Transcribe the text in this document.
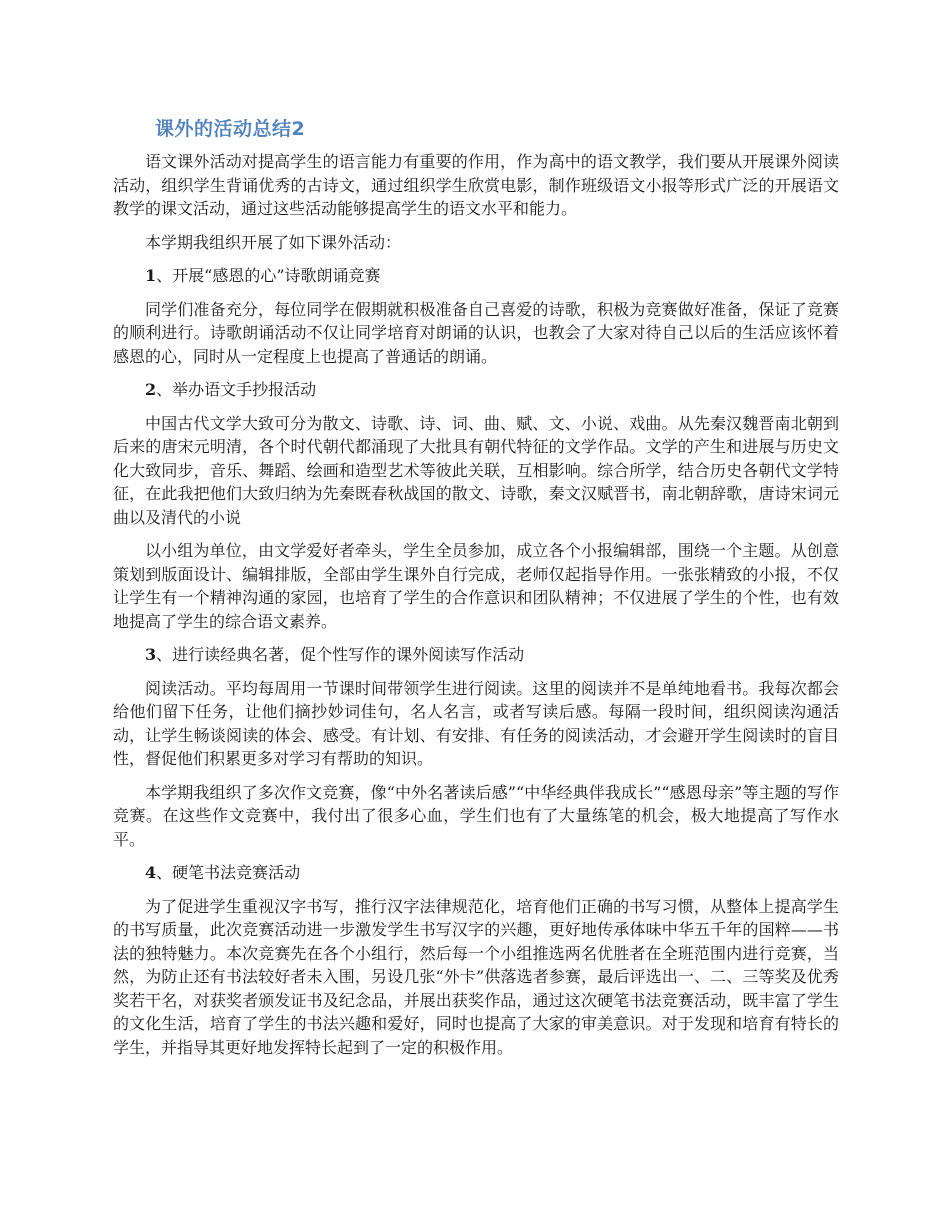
课外的活动总结2

语文课外活动对提高学生的语言能力有重要的作用，作为高中的语文教学，我们要从开展课外阅读活动，组织学生背诵优秀的古诗文，通过组织学生欣赏电影，制作班级语文小报等形式广泛的开展语文教学的课文活动，通过这些活动能够提高学生的语文水平和能力。

本学期我组织开展了如下课外活动：

1、开展“感恩的心”诗歌朗诵竞赛

同学们准备充分，每位同学在假期就积极准备自己喜爱的诗歌，积极为竞赛做好准备，保证了竞赛的顺利进行。诗歌朗诵活动不仅让同学培育对朗诵的认识，也教会了大家对待自己以后的生活应该怀着感恩的心，同时从一定程度上也提高了普通话的朗诵。

2、举办语文手抄报活动

中国古代文学大致可分为散文、诗歌、诗、词、曲、赋、文、小说、戏曲。从先秦汉魏晋南北朝到后来的唐宋元明清，各个时代朝代都涌现了大批具有朝代特征的文学作品。文学的产生和进展与历史文化大致同步，音乐、舞蹈、绘画和造型艺术等彼此关联，互相影响。综合所学，结合历史各朝代文学特征，在此我把他们大致归纳为先秦既春秋战国的散文、诗歌，秦文汉赋晋书，南北朝辞歌，唐诗宋词元曲以及清代的小说

以小组为单位，由文学爱好者牵头，学生全员参加，成立各个小报编辑部，围绕一个主题。从创意策划到版面设计、编辑排版，全部由学生课外自行完成，老师仅起指导作用。一张张精致的小报，不仅让学生有一个精神沟通的家园，也培育了学生的合作意识和团队精神；不仅进展了学生的个性，也有效地提高了学生的综合语文素养。

3、进行读经典名著，促个性写作的课外阅读写作活动

阅读活动。平均每周用一节课时间带领学生进行阅读。这里的阅读并不是单纯地看书。我每次都会给他们留下任务，让他们摘抄妙词佳句，名人名言，或者写读后感。每隔一段时间，组织阅读沟通活动，让学生畅谈阅读的体会、感受。有计划、有安排、有任务的阅读活动，才会避开学生阅读时的盲目性，督促他们积累更多对学习有帮助的知识。

本学期我组织了多次作文竞赛，像“中外名著读后感”“中华经典伴我成长”“感恩母亲”等主题的写作竞赛。在这些作文竞赛中，我付出了很多心血，学生们也有了大量练笔的机会，极大地提高了写作水平。

4、硬笔书法竞赛活动

为了促进学生重视汉字书写，推行汉字法律规范化，培育他们正确的书写习惯，从整体上提高学生的书写质量，此次竞赛活动进一步激发学生书写汉字的兴趣，更好地传承体味中华五千年的国粹——书法的独特魅力。本次竞赛先在各个小组行，然后每一个小组推选两名优胜者在全班范围内进行竞赛，当然，为防止还有书法较好者未入围，另设几张“外卡”供落选者参赛，最后评选出一、二、三等奖及优秀奖若干名，对获奖者颁发证书及纪念品，并展出获奖作品，通过这次硬笔书法竞赛活动，既丰富了学生的文化生活，培育了学生的书法兴趣和爱好，同时也提高了大家的审美意识。对于发现和培育有特长的学生，并指导其更好地发挥特长起到了一定的积极作用。
